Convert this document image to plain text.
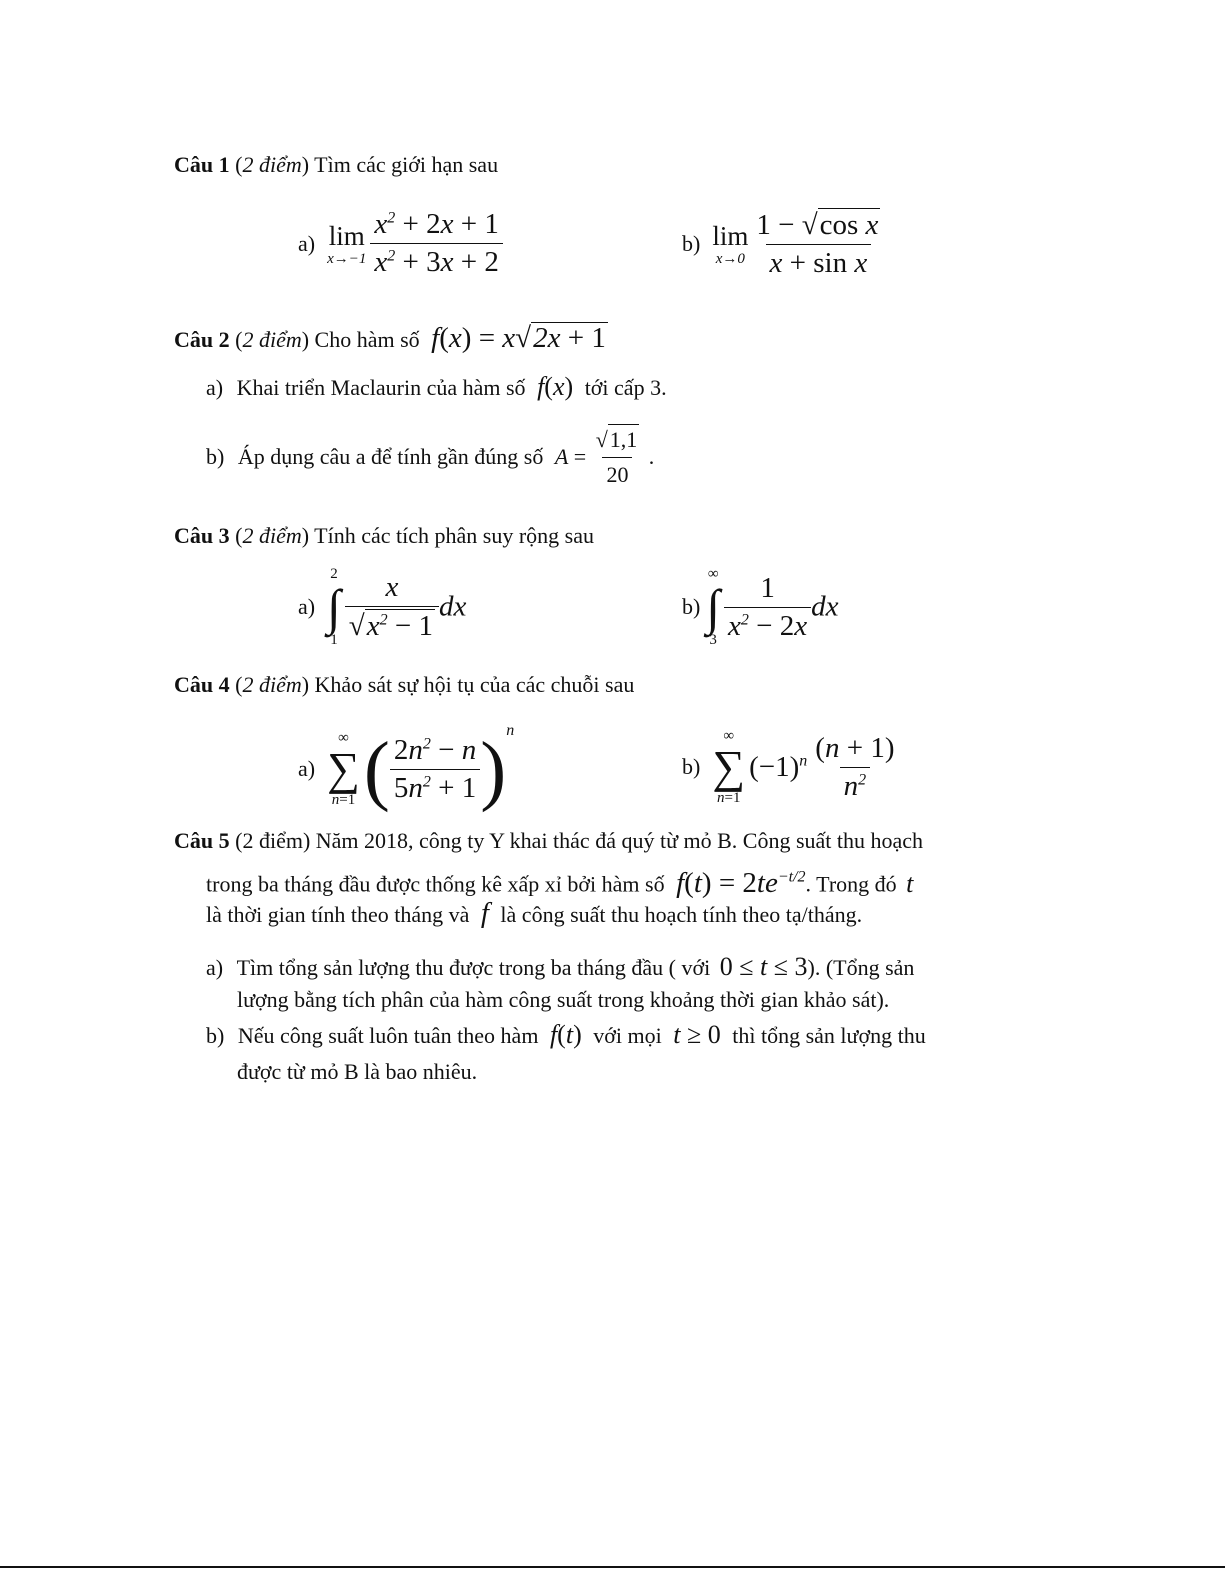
Câu 1 (2 điểm) Tìm các giới hạn sau
a) lim
x→−1
$\frac{x^2 + 2x + 1}{x^2 + 3x + 2}$	b) lim
x→0
$\frac{\text{1 − √cos x}}{\text{x + sin x}}$
Câu 2 (2 điểm) Cho hàm số f(x) = x√2x + 1
a) Khai triển Maclaurin của hàm số f(x) tới cấp 3.
b) Áp dụng câu a để tính gần đúng số $A = \frac{√1,1}{20}$ .
Câu 3 (2 điểm) Tính các tích phân suy rộng sau
a)
2
∫
1
$\frac{x}{√x^2 - 1}$ dx	b)
∞
∫
3
$\frac{1}{x^2 - 2x}$ dx
Câu 4 (2 điểm) Khảo sát sự hội tụ của các chuỗi sau
a)
∞
∑
n=1 ( $\frac{2n^2 - n}{5n^2 + 1} )^n$
b)
∞
∑
n=1
$(-1)^n \frac{(n + 1)}{n^2}$
Câu 5 (2 điểm) Năm 2018, công ty Y khai thác đá quý từ mỏ B. Công suất thu hoạch
trong ba tháng đầu được thống kê xấp xỉ bởi hàm số $f(t) = 2te^{-t/2}$. Trong đó t
là thời gian tính theo tháng và f là công suất thu hoạch tính theo tạ/tháng.
a) Tìm tổng sản lượng thu được trong ba tháng đầu ( với 0 ≤ t ≤ 3). (Tổng sản
lượng bằng tích phân của hàm công suất trong khoảng thời gian khảo sát).
b) Nếu công suất luôn tuân theo hàm f(t) với mọi t ≥ 0 thì tổng sản lượng thu
được từ mỏ B là bao nhiêu.
